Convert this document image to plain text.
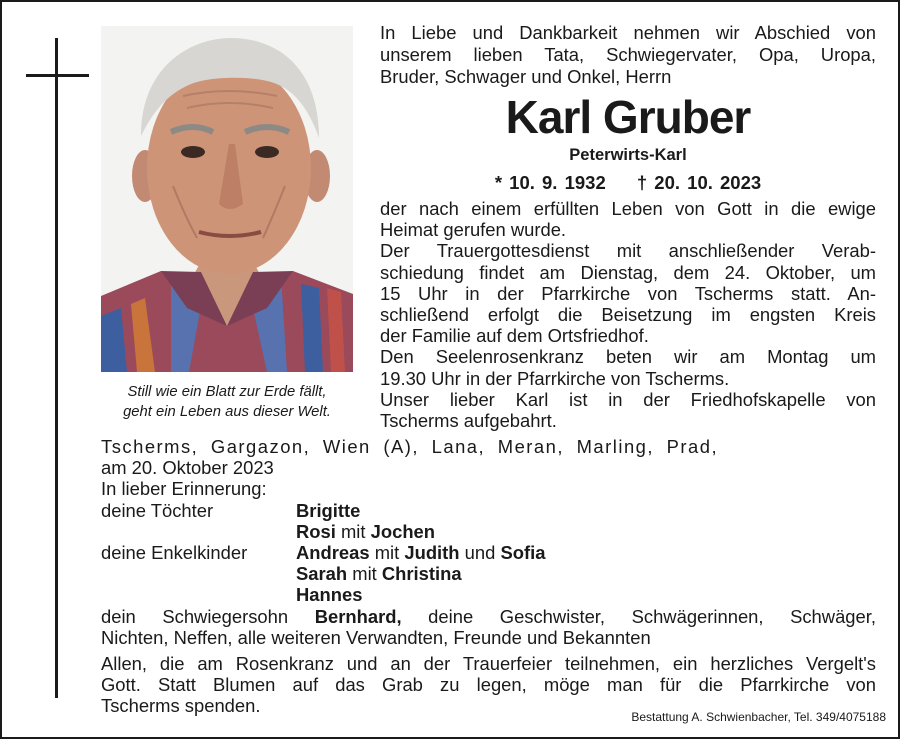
Still wie ein Blatt zur Erde fällt,
geht ein Leben aus dieser Welt.
In Liebe und Dankbarkeit nehmen wir Abschied von
unserem lieben Tata, Schwiegervater, Opa, Uropa,
Bruder, Schwager und Onkel, Herrn
Karl Gruber
Peterwirts-Karl
* 10. 9. 1932 † 20. 10. 2023
der nach einem erfüllten Leben von Gott in die ewige
Heimat gerufen wurde.
Der Trauergottesdienst mit anschließender Verab-
schiedung findet am Dienstag, dem 24. Oktober, um
15 Uhr in der Pfarrkirche von Tscherms statt. An-
schließend erfolgt die Beisetzung im engsten Kreis
der Familie auf dem Ortsfriedhof.
Den Seelenrosenkranz beten wir am Montag um
19.30 Uhr in der Pfarrkirche von Tscherms.
Unser lieber Karl ist in der Friedhofskapelle von
Tscherms aufgebahrt.
Tscherms, Gargazon, Wien (A), Lana, Meran, Marling, Prad,
am 20. Oktober 2023
In lieber Erinnerung:
deine Töchter	Brigitte
Rosi mit Jochen
deine Enkelkinder	Andreas mit Judith und Sofia
Sarah mit Christina
Hannes
dein Schwiegersohn Bernhard, deine Geschwister, Schwägerinnen, Schwäger,
Nichten, Neffen, alle weiteren Verwandten, Freunde und Bekannten
Allen, die am Rosenkranz und an der Trauerfeier teilnehmen, ein herzliches Vergelt's
Gott. Statt Blumen auf das Grab zu legen, möge man für die Pfarrkirche von
Tscherms spenden.
Bestattung A. Schwienbacher, Tel. 349/4075188
